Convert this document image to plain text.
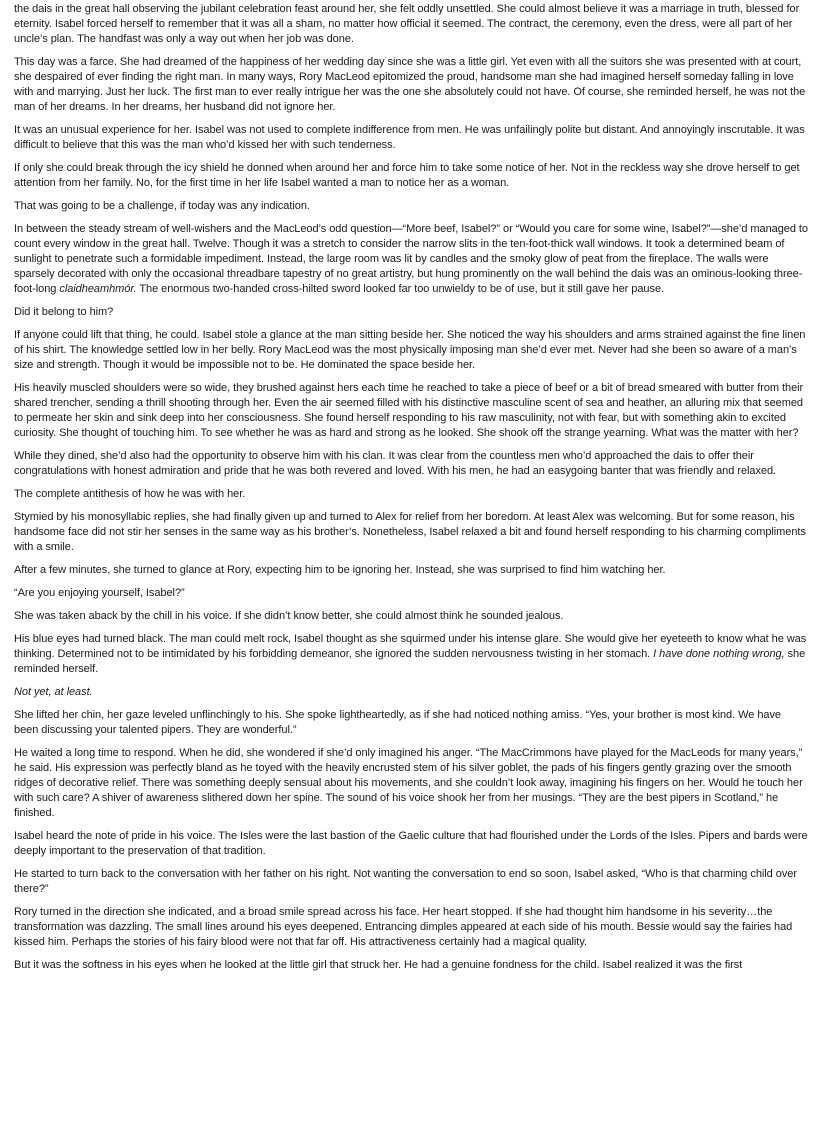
the dais in the great hall observing the jubilant celebration feast around her, she felt oddly unsettled. She could almost believe it was a marriage in truth, blessed for eternity. Isabel forced herself to remember that it was all a sham, no matter how official it seemed. The contract, the ceremony, even the dress, were all part of her uncle’s plan. The handfast was only a way out when her job was done.

This day was a farce. She had dreamed of the happiness of her wedding day since she was a little girl. Yet even with all the suitors she was presented with at court, she despaired of ever finding the right man. In many ways, Rory MacLeod epitomized the proud, handsome man she had imagined herself someday falling in love with and marrying. Just her luck. The first man to ever really intrigue her was the one she absolutely could not have. Of course, she reminded herself, he was not the man of her dreams. In her dreams, her husband did not ignore her.

It was an unusual experience for her. Isabel was not used to complete indifference from men. He was unfailingly polite but distant. And annoyingly inscrutable. It was difficult to believe that this was the man who’d kissed her with such tenderness.

If only she could break through the icy shield he donned when around her and force him to take some notice of her. Not in the reckless way she drove herself to get attention from her family. No, for the first time in her life Isabel wanted a man to notice her as a woman.

That was going to be a challenge, if today was any indication.

In between the steady stream of well-wishers and the MacLeod’s odd question—“More beef, Isabel?” or “Would you care for some wine, Isabel?”—she’d managed to count every window in the great hall. Twelve. Though it was a stretch to consider the narrow slits in the ten-foot-thick wall windows. It took a determined beam of sunlight to penetrate such a formidable impediment. Instead, the large room was lit by candles and the smoky glow of peat from the fireplace. The walls were sparsely decorated with only the occasional threadbare tapestry of no great artistry, but hung prominently on the wall behind the dais was an ominous-looking three-foot-long claidheamhmór. The enormous two-handed cross-hilted sword looked far too unwieldy to be of use, but it still gave her pause.

Did it belong to him?

If anyone could lift that thing, he could. Isabel stole a glance at the man sitting beside her. She noticed the way his shoulders and arms strained against the fine linen of his shirt. The knowledge settled low in her belly. Rory MacLeod was the most physically imposing man she’d ever met. Never had she been so aware of a man’s size and strength. Though it would be impossible not to be. He dominated the space beside her.

His heavily muscled shoulders were so wide, they brushed against hers each time he reached to take a piece of beef or a bit of bread smeared with butter from their shared trencher, sending a thrill shooting through her. Even the air seemed filled with his distinctive masculine scent of sea and heather, an alluring mix that seemed to permeate her skin and sink deep into her consciousness. She found herself responding to his raw masculinity, not with fear, but with something akin to excited curiosity. She thought of touching him. To see whether he was as hard and strong as he looked. She shook off the strange yearning. What was the matter with her?

While they dined, she’d also had the opportunity to observe him with his clan. It was clear from the countless men who’d approached the dais to offer their congratulations with honest admiration and pride that he was both revered and loved. With his men, he had an easygoing banter that was friendly and relaxed.

The complete antithesis of how he was with her.

Stymied by his monosyllabic replies, she had finally given up and turned to Alex for relief from her boredom. At least Alex was welcoming. But for some reason, his handsome face did not stir her senses in the same way as his brother’s. Nonetheless, Isabel relaxed a bit and found herself responding to his charming compliments with a smile.

After a few minutes, she turned to glance at Rory, expecting him to be ignoring her. Instead, she was surprised to find him watching her.

“Are you enjoying yourself, Isabel?”

She was taken aback by the chill in his voice. If she didn’t know better, she could almost think he sounded jealous.

His blue eyes had turned black. The man could melt rock, Isabel thought as she squirmed under his intense glare. She would give her eyeteeth to know what he was thinking. Determined not to be intimidated by his forbidding demeanor, she ignored the sudden nervousness twisting in her stomach. I have done nothing wrong, she reminded herself.

Not yet, at least.

She lifted her chin, her gaze leveled unflinchingly to his. She spoke lightheartedly, as if she had noticed nothing amiss. “Yes, your brother is most kind. We have been discussing your talented pipers. They are wonderful.”

He waited a long time to respond. When he did, she wondered if she’d only imagined his anger. “The MacCrimmons have played for the MacLeods for many years,” he said. His expression was perfectly bland as he toyed with the heavily encrusted stem of his silver goblet, the pads of his fingers gently grazing over the smooth ridges of decorative relief. There was something deeply sensual about his movements, and she couldn’t look away, imagining his fingers on her. Would he touch her with such care? A shiver of awareness slithered down her spine. The sound of his voice shook her from her musings. “They are the best pipers in Scotland,” he finished.

Isabel heard the note of pride in his voice. The Isles were the last bastion of the Gaelic culture that had flourished under the Lords of the Isles. Pipers and bards were deeply important to the preservation of that tradition.

He started to turn back to the conversation with her father on his right. Not wanting the conversation to end so soon, Isabel asked, “Who is that charming child over there?”

Rory turned in the direction she indicated, and a broad smile spread across his face. Her heart stopped. If she had thought him handsome in his severity…the transformation was dazzling. The small lines around his eyes deepened. Entrancing dimples appeared at each side of his mouth. Bessie would say the fairies had kissed him. Perhaps the stories of his fairy blood were not that far off. His attractiveness certainly had a magical quality.

But it was the softness in his eyes when he looked at the little girl that struck her. He had a genuine fondness for the child. Isabel realized it was the first
